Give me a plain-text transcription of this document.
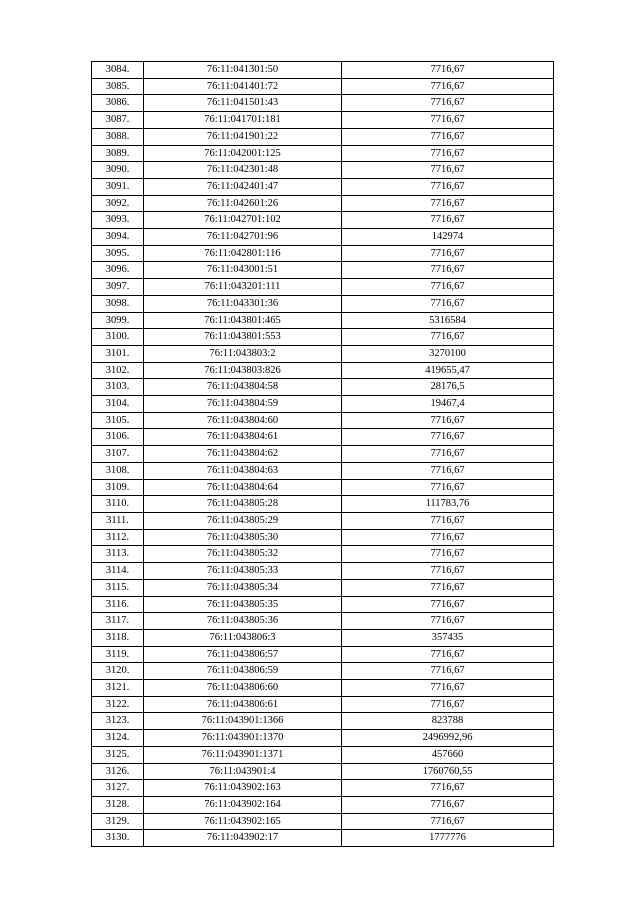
3084.	76:11:041301:50	7716,67
3085.	76:11:041401:72	7716,67
3086.	76:11:041501:43	7716,67
3087.	76:11:041701:181	7716,67
3088.	76:11:041901:22	7716,67
3089.	76:11:042001:125	7716,67
3090.	76:11:042301:48	7716,67
3091.	76:11:042401:47	7716,67
3092.	76:11:042601:26	7716,67
3093.	76:11:042701:102	7716,67
3094.	76:11:042701:96	142974
3095.	76:11:042801:116	7716,67
3096.	76:11:043001:51	7716,67
3097.	76:11:043201:111	7716,67
3098.	76:11:043301:36	7716,67
3099.	76:11:043801:465	5316584
3100.	76:11:043801:553	7716,67
3101.	76:11:043803:2	3270100
3102.	76:11:043803:826	419655,47
3103.	76:11:043804:58	28176,5
3104.	76:11:043804:59	19467,4
3105.	76:11:043804:60	7716,67
3106.	76:11:043804:61	7716,67
3107.	76:11:043804:62	7716,67
3108.	76:11:043804:63	7716,67
3109.	76:11:043804:64	7716,67
3110.	76:11:043805:28	111783,76
3111.	76:11:043805:29	7716,67
3112.	76:11:043805:30	7716,67
3113.	76:11:043805:32	7716,67
3114.	76:11:043805:33	7716,67
3115.	76:11:043805:34	7716,67
3116.	76:11:043805:35	7716,67
3117.	76:11:043805:36	7716,67
3118.	76:11:043806:3	357435
3119.	76:11:043806:57	7716,67
3120.	76:11:043806:59	7716,67
3121.	76:11:043806:60	7716,67
3122.	76:11:043806:61	7716,67
3123.	76:11:043901:1366	823788
3124.	76:11:043901:1370	2496992,96
3125.	76:11:043901:1371	457660
3126.	76:11:043901:4	1760760,55
3127.	76:11:043902:163	7716,67
3128.	76:11:043902:164	7716,67
3129.	76:11:043902:165	7716,67
3130.	76:11:043902:17	1777776
